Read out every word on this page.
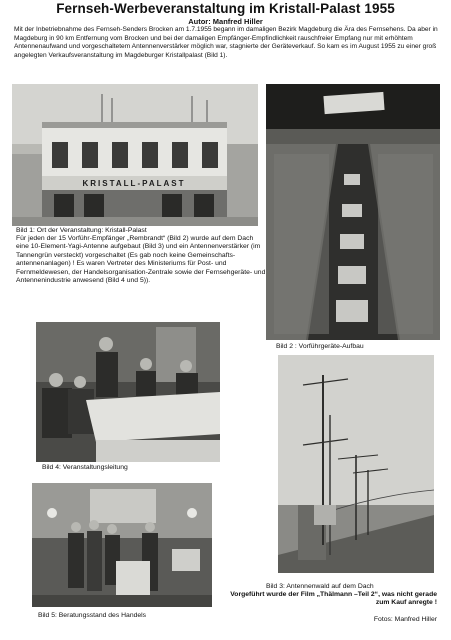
Fernseh-Werbeveranstaltung im Kristall-Palast 1955
Autor: Manfred Hiller

Mit der Inbetriebnahme des Fernseh-Senders Brocken am 1.7.1955 begann im damaligen Bezirk Magdeburg die Ära des Fernsehens. Da aber in Magdeburg in 90 km Entfernung vom Brocken und bei der damaligen Empfänger-Empfindlichkeit rauschfreier Empfang nur mit erhöhtem Antennenaufwand und vorgeschaltetem Antennenverstärker möglich war, stagnierte der Geräteverkauf. So kam es im August 1955 zu einer groß angelegten Verkaufsveranstaltung im Magdeburger Kristallpalast (Bild 1).

KRISTALL-PALAST

Bild 1: Ort der Veranstaltung: Kristall-Palast

Bild 2 : Vorführgeräte-Aufbau

Für jeden der 15 Vorführ-Empfänger „Rembrandt“ (Bild 2) wurde auf dem Dach eine 10-Element-Yagi-Antenne aufgebaut (Bild 3) und ein Antennenverstärker (im Tannengrün versteckt) vorgeschaltet (Es gab noch keine Gemeinschafts-antennenanlagen) ! Es waren Vertreter des Ministeriums für Post- und Fernmeldewesen, der Handelsorganisation-Zentrale sowie der Fernsehgeräte- und Antennenindustrie anwesend (Bild 4 und 5)).

Bild 4: Veranstaltungsleitung

Bild 3: Antennenwald auf dem Dach

Vorgeführt wurde der Film „Thälmann –Teil 2“, was nicht gerade zum Kauf anregte !

Fotos: Manfred Hiller

Bild 5: Beratungsstand des Handels
